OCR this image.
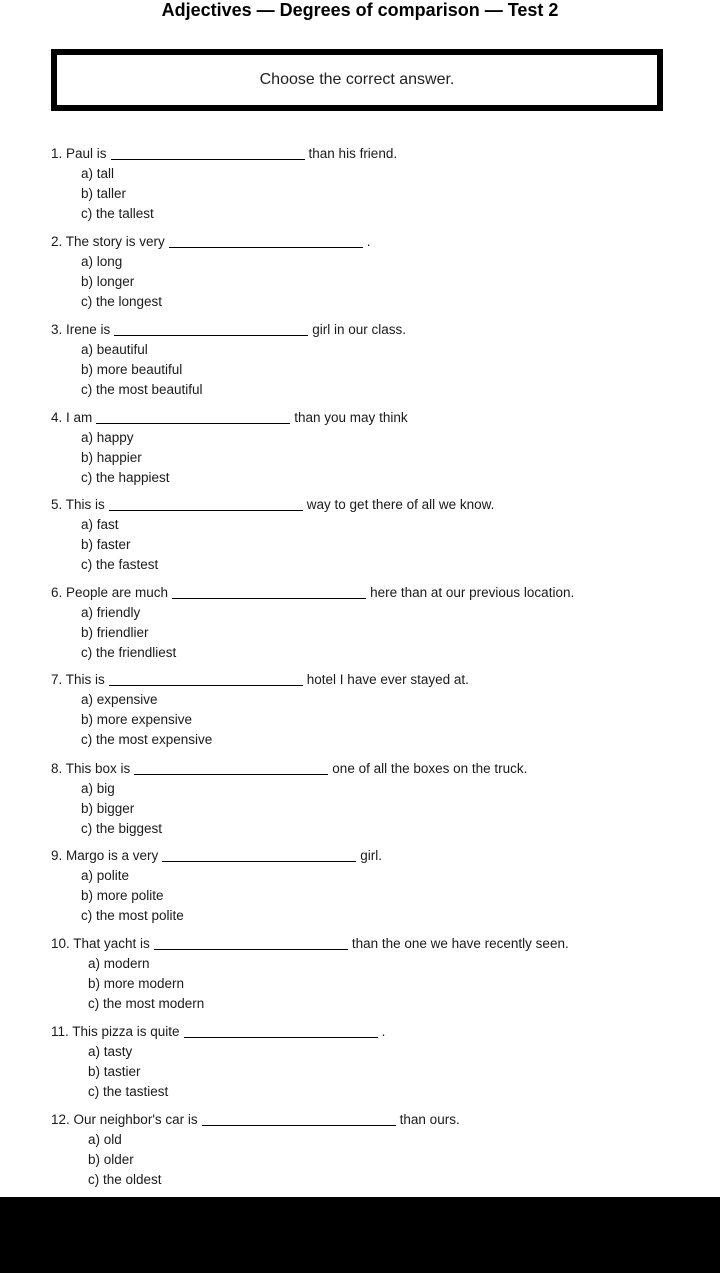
Adjectives — Degrees of comparison — Test 2
Choose the correct answer.
1. Paul is	than his friend.
a) tall
b) taller
c) the tallest
2. The story is very	.
a) long
b) longer
c) the longest
3. Irene is	girl in our class.
a) beautiful
b) more beautiful
c) the most beautiful
4. I am	than you may think
a) happy
b) happier
c) the happiest
5. This is	way to get there of all we know.
a) fast
b) faster
c) the fastest
6. People are much	here than at our previous location.
a) friendly
b) friendlier
c) the friendliest
7. This is	hotel I have ever stayed at.
a) expensive
b) more expensive
c) the most expensive
8. This box is	one of all the boxes on the truck.
a) big
b) bigger
c) the biggest
9. Margo is a very	girl.
a) polite
b) more polite
c) the most polite
10. That yacht is	than the one we have recently seen.
a) modern
b) more modern
c) the most modern
11. This pizza is quite	.
a) tasty
b) tastier
c) the tastiest
12. Our neighbor's car is	than ours.
a) old
b) older
c) the oldest
